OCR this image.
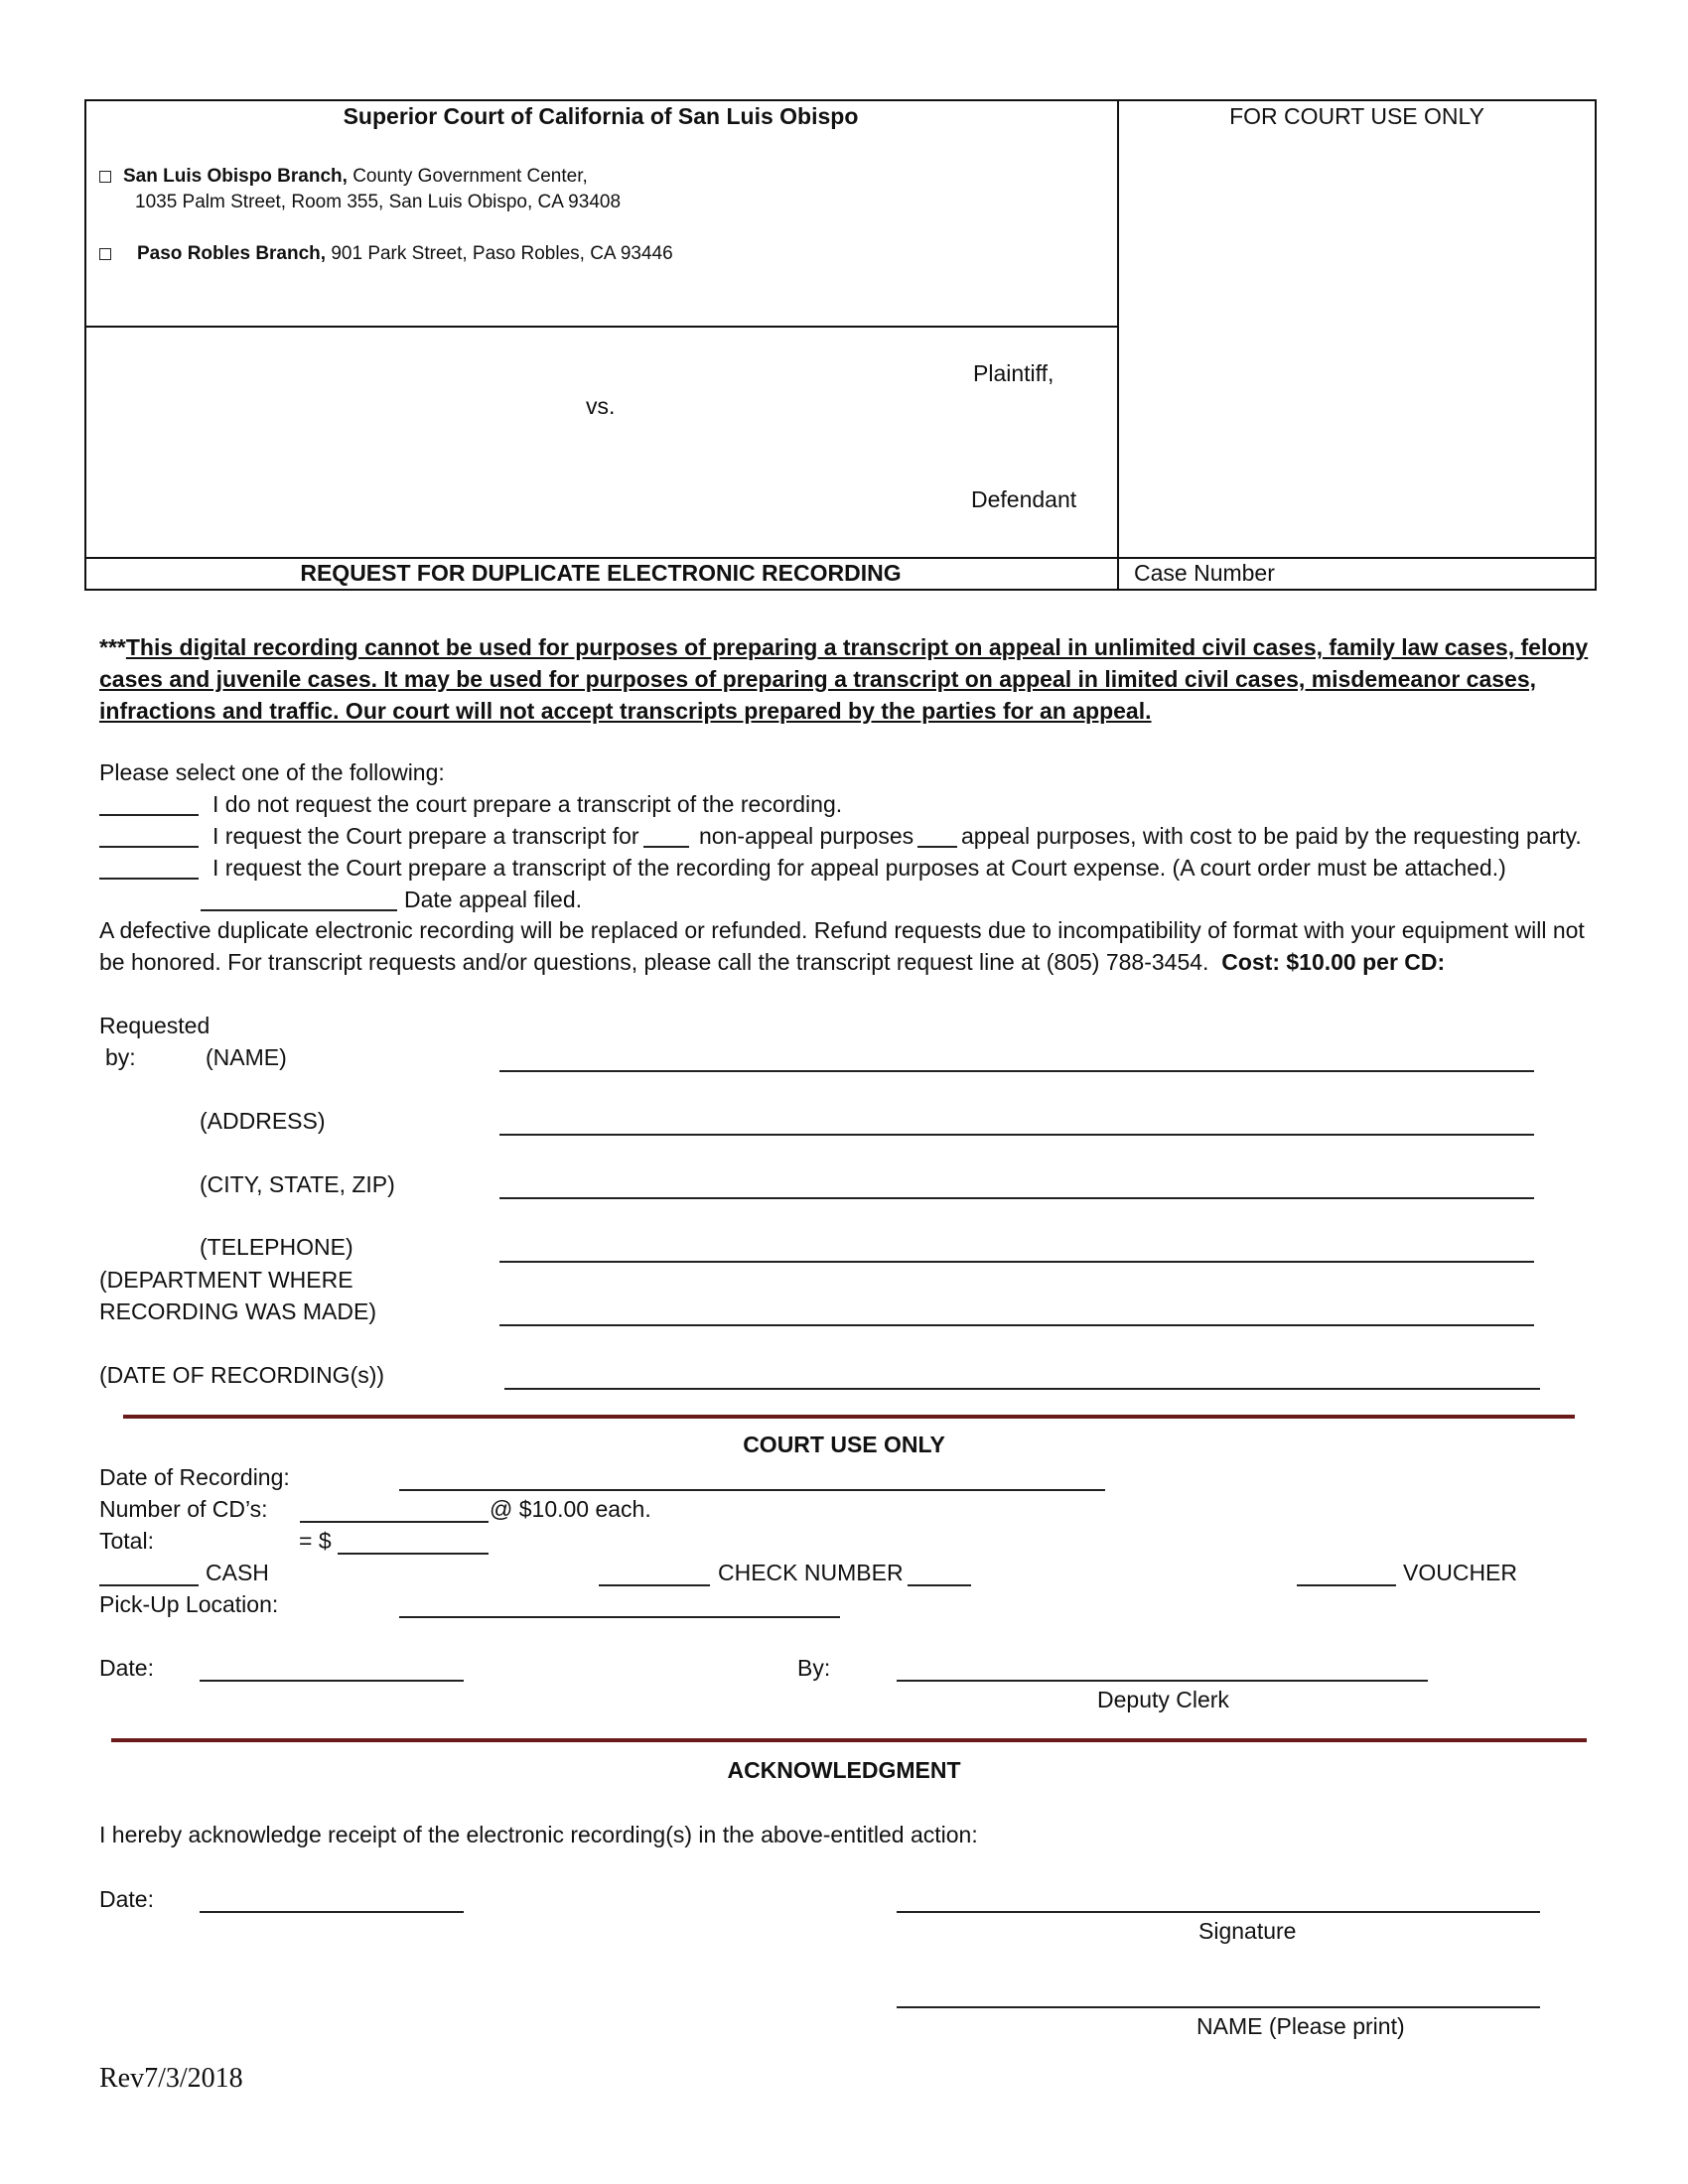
Superior Court of California of San Luis Obispo	FOR COURT USE ONLY
San Luis Obispo Branch, County Government Center,
1035 Palm Street, Room 355, San Luis Obispo, CA 93408
Paso Robles Branch, 901 Park Street, Paso Robles, CA 93446
Plaintiff,
vs.
Defendant
REQUEST FOR DUPLICATE ELECTRONIC RECORDING	Case Number
***This digital recording cannot be used for purposes of preparing a transcript on appeal in unlimited civil cases, family law cases, felony
cases and juvenile cases. It may be used for purposes of preparing a transcript on appeal in limited civil cases, misdemeanor cases,
infractions and traffic. Our court will not accept transcripts prepared by the parties for an appeal.
Please select one of the following:
I do not request the court prepare a transcript of the recording.
I request the Court prepare a transcript for	non-appeal purposes appeal purposes, with cost to be paid by the requesting party.
I request the Court prepare a transcript of the recording for appeal purposes at Court expense. (A court order must be attached.)
Date appeal filed.
A defective duplicate electronic recording will be replaced or refunded. Refund requests due to incompatibility of format with your equipment will not
be honored. For transcript requests and/or questions, please call the transcript request line at (805) 788-3454. Cost: $10.00 per CD:
Requested
by:	(NAME)
(ADDRESS)
(CITY, STATE, ZIP)
(TELEPHONE)
(DEPARTMENT WHERE
RECORDING WAS MADE)
(DATE OF RECORDING(s))
COURT USE ONLY
Date of Recording:
Number of CD’s:	@ $10.00 each.
Total:	= $
CASH	CHECK NUMBER	VOUCHER
Pick-Up Location:
Date:	By:
Deputy Clerk
ACKNOWLEDGMENT
I hereby acknowledge receipt of the electronic recording(s) in the above-entitled action:
Date:
Signature
NAME (Please print)
Rev7/3/2018
